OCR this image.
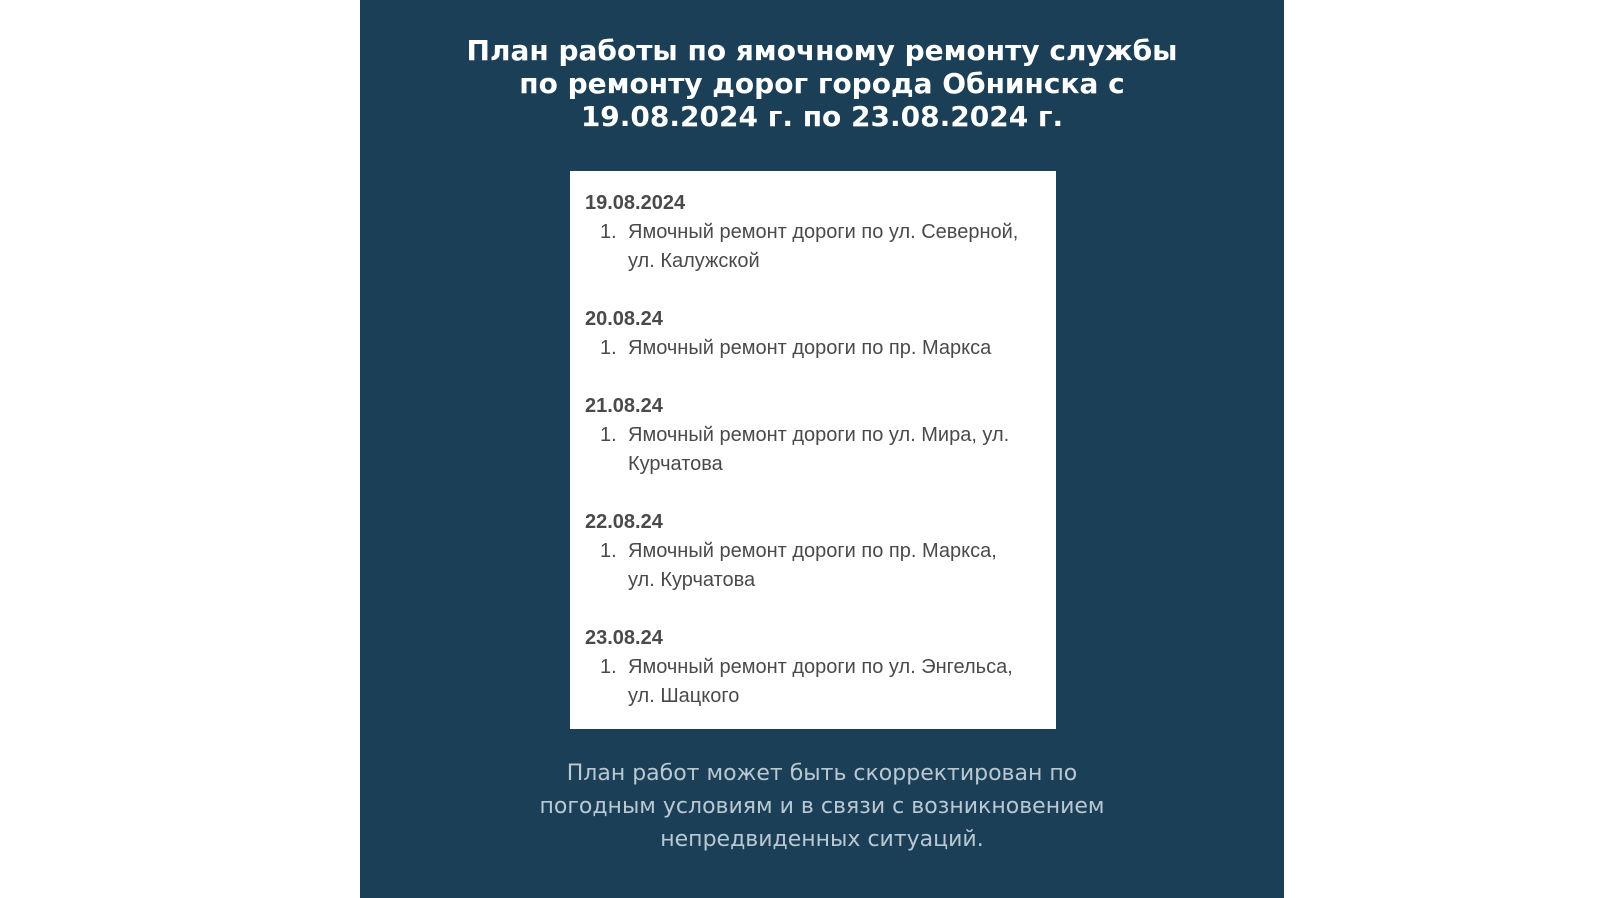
План работы по ямочному ремонту службы
по ремонту дорог города Обнинска с
19.08.2024 г. по 23.08.2024 г.
19.08.2024
1. Ямочный ремонт дороги по ул. Северной,
ул. Калужской
20.08.24
1. Ямочный ремонт дороги по пр. Маркса
21.08.24
1. Ямочный ремонт дороги по ул. Мира, ул.
Курчатова
22.08.24
1. Ямочный ремонт дороги по пр. Маркса,
ул. Курчатова
23.08.24
1. Ямочный ремонт дороги по ул. Энгельса,
ул. Шацкого

План работ может быть скорректирован по
погодным условиям и в связи с возникновением
непредвиденных ситуаций.
